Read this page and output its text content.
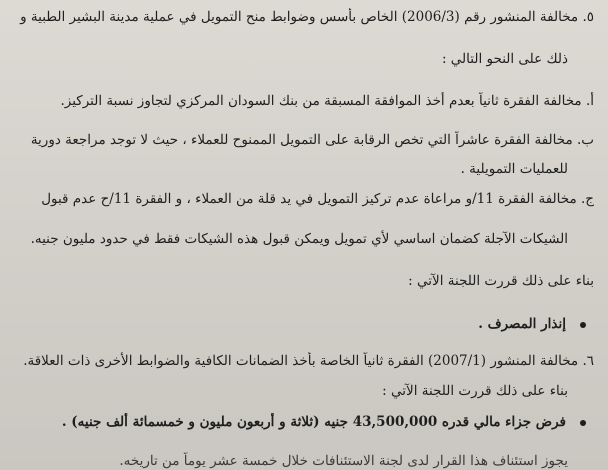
٥. مخالفة المنشور رقم (2006/3) الخاص بأسس وضوابط منح التمويل في عملية مدينة البشير الطبية و
ذلك على النحو التالي :
أ. مخالفة الفقرة ثانياً بعدم أخذ الموافقة المسبقة من بنك السودان المركزي لتجاوز نسبة التركيز.
ب. مخالفة الفقرة عاشراً التي تخص الرقابة على التمويل الممنوح للعملاء ، حيث لا توجد مراجعة دورية
للعمليات التمويلية .
ج. مخالفة الفقرة 11/و مراعاة عدم تركيز التمويل في يد قلة من العملاء ، و الفقرة 11/ح عدم قبول
الشيكات الآجلة كضمان اساسي لأي تمويل ويمكن قبول هذه الشيكات فقط في حدود مليون جنيه.
بناء على ذلك قررت اللجنة الآتي :
إنذار المصرف .
٦. مخالفة المنشور (2007/1) الفقرة ثانياً الخاصة بأخذ الضمانات الكافية والضوابط الأخرى ذات العلاقة.
بناء على ذلك قررت اللجنة الآتي :
فرض جزاء مالي قدره 43,500,000 جنيه (ثلاثة و أربعون مليون و خمسمائة ألف جنيه) .
يجوز استئناف هذا القرار لدى لجنة الاستئنافات خلال خمسة عشر يوماً من تاريخه.
